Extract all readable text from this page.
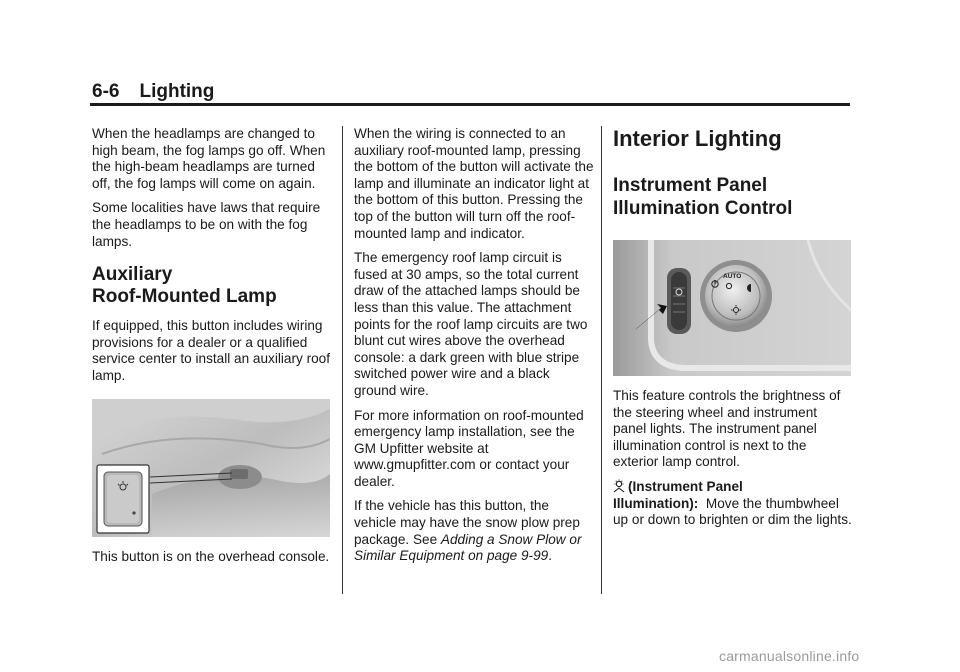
6-6 Lighting

When the headlamps are changed to high beam, the fog lamps go off. When the high-beam headlamps are turned off, the fog lamps will come on again.

Some localities have laws that require the headlamps to be on with the fog lamps.

Auxiliary
Roof-Mounted Lamp

If equipped, this button includes wiring provisions for a dealer or a qualified service center to install an auxiliary roof lamp.

This button is on the overhead console.

When the wiring is connected to an auxiliary roof-mounted lamp, pressing the bottom of the button will activate the lamp and illuminate an indicator light at the bottom of this button. Pressing the top of the button will turn off the roof-mounted lamp and indicator.

The emergency roof lamp circuit is fused at 30 amps, so the total current draw of the attached lamps should be less than this value. The attachment points for the roof lamp circuits are two blunt cut wires above the overhead console: a dark green with blue stripe switched power wire and a black ground wire.

For more information on roof-mounted emergency lamp installation, see the GM Upfitter website at www.gmupfitter.com or contact your dealer.

If the vehicle has this button, the vehicle may have the snow plow prep package. See Adding a Snow Plow or Similar Equipment on page 9-99.

Interior Lighting
Instrument Panel
Illumination Control
AUTO

This feature controls the brightness of the steering wheel and instrument panel lights. The instrument panel illumination control is next to the exterior lamp control.

(Instrument Panel Illumination): Move the thumbwheel up or down to brighten or dim the lights.

carmanualsonline.info
